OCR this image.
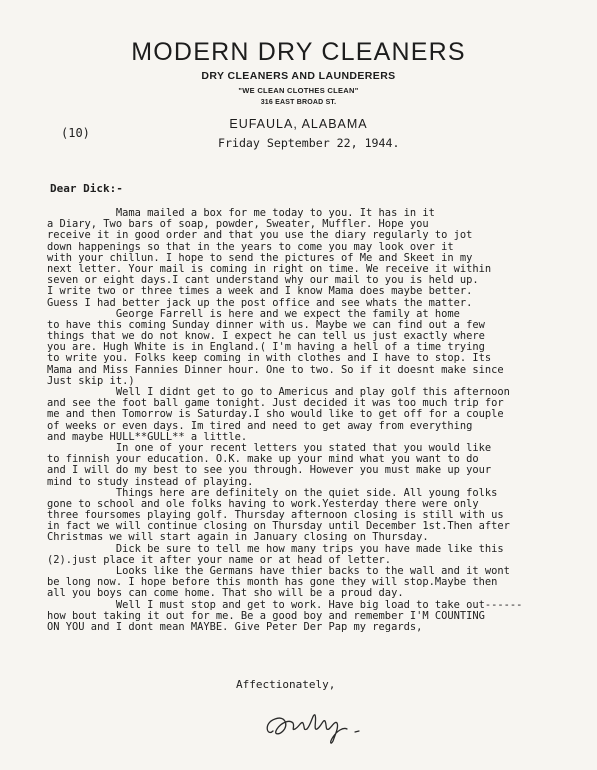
MODERN DRY CLEANERS
DRY CLEANERS AND LAUNDERERS
"WE CLEAN CLOTHES CLEAN"
316 EAST BROAD ST.
EUFAULA, ALABAMA
(10)
Friday September 22, 1944.
Dear Dick:-
Mama mailed a box for me today to you. It has in it
a Diary, Two bars of soap, powder, Sweater, Muffler. Hope you
receive it in good order and that you use the diary regularly to jot
down happenings so that in the years to come you may look over it
with your chillun. I hope to send the pictures of Me and Skeet in my
next letter. Your mail is coming in right on time. We receive it within
seven or eight days.I cant understand why our mail to you is held up.
I write two or three times a week and I know Mama does maybe better.
Guess I had better jack up the post office and see whats the matter.
George Farrell is here and we expect the family at home
to have this coming Sunday dinner with us. Maybe we can find out a few
things that we do not know. I expect he can tell us just exactly where
you are. Hugh White is in England.( I'm having a hell of a time trying
to write you. Folks keep coming in with clothes and I have to stop. Its
Mama and Miss Fannies Dinner hour. One to two. So if it doesnt make since
Just skip it.)
Well I didnt get to go to Americus and play golf this afternoon
and see the foot ball game tonight. Just decided it was too much trip for
me and then Tomorrow is Saturday.I sho would like to get off for a couple
of weeks or even days. Im tired and need to get away from everything
and maybe HULL**GULL** a little.
In one of your recent letters you stated that you would like
to finnish your education. O.K. make up your mind what you want to do
and I will do my best to see you through. However you must make up your
mind to study instead of playing.
Things here are definitely on the quiet side. All young folks
gone to school and ole folks having to work.Yesterday there were only
three foursomes playing golf. Thursday afternoon closing is still with us
in fact we will continue closing on Thursday until December 1st.Then after
Christmas we will start again in January closing on Thursday.
Dick be sure to tell me how many trips you have made like this
(2).just place it after your name or at head of letter.
Looks like the Germans have thier backs to the wall and it wont
be long now. I hope before this month has gone they will stop.Maybe then
all you boys can come home. That sho will be a proud day.
Well I must stop and get to work. Have big load to take out------
how bout taking it out for me. Be a good boy and remember I'M COUNTING
ON YOU and I dont mean MAYBE. Give Peter Der Pap my regards,
Affectionately,
